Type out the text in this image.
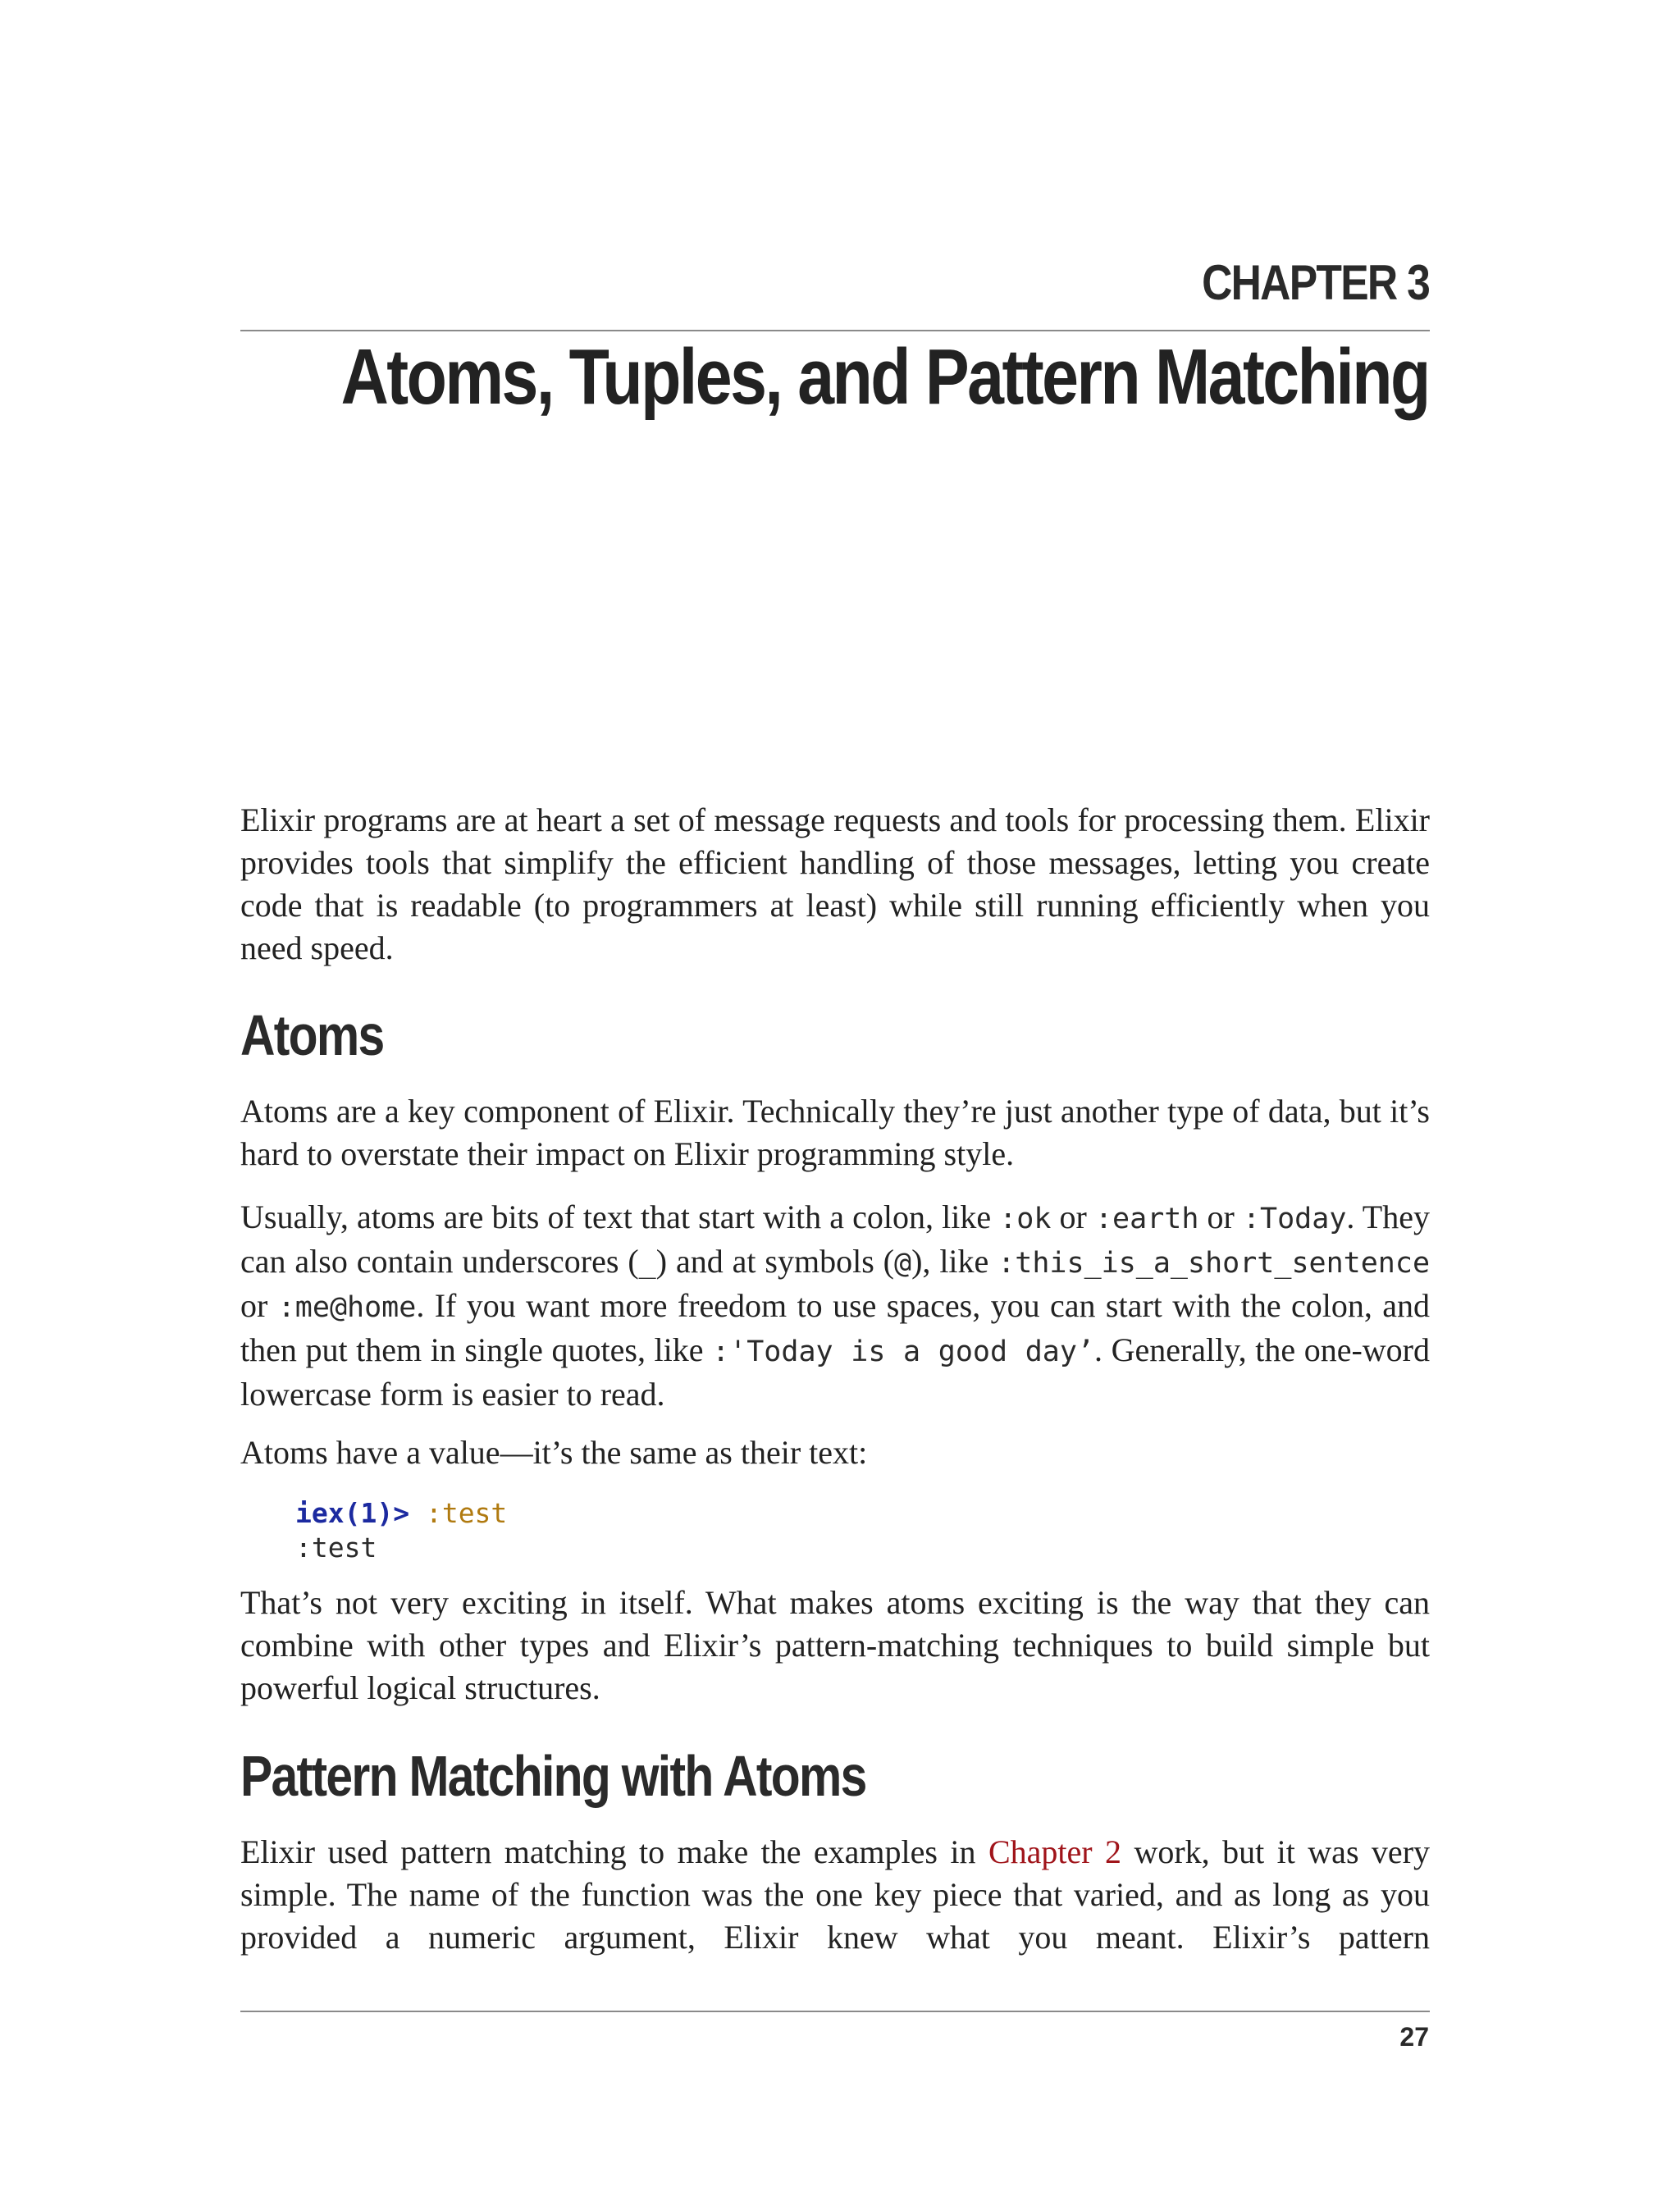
CHAPTER 3
Atoms, Tuples, and Pattern Matching

Elixir programs are at heart a set of message requests and tools for processing them. Elixir provides tools that simplify the efficient handling of those messages, letting you create code that is readable (to programmers at least) while still running efficiently when you need speed.

Atoms

Atoms are a key component of Elixir. Technically they’re just another type of data, but it’s hard to overstate their impact on Elixir programming style.

Usually, atoms are bits of text that start with a colon, like :ok or :earth or :Today. They can also contain underscores (_) and at symbols (@), like :this_is_a_short_sentence or :me@home. If you want more freedom to use spaces, you can start with the colon, and then put them in single quotes, like :'Today is a good day’. Generally, the one-word lowercase form is easier to read.

Atoms have a value—it’s the same as their text:

iex(1)> :test
:test

That’s not very exciting in itself. What makes atoms exciting is the way that they can combine with other types and Elixir’s pattern-matching techniques to build simple but powerful logical structures.

Pattern Matching with Atoms

Elixir used pattern matching to make the examples in Chapter 2 work, but it was very simple. The name of the function was the one key piece that varied, and as long as you provided a numeric argument, Elixir knew what you meant. Elixir’s pattern

27
